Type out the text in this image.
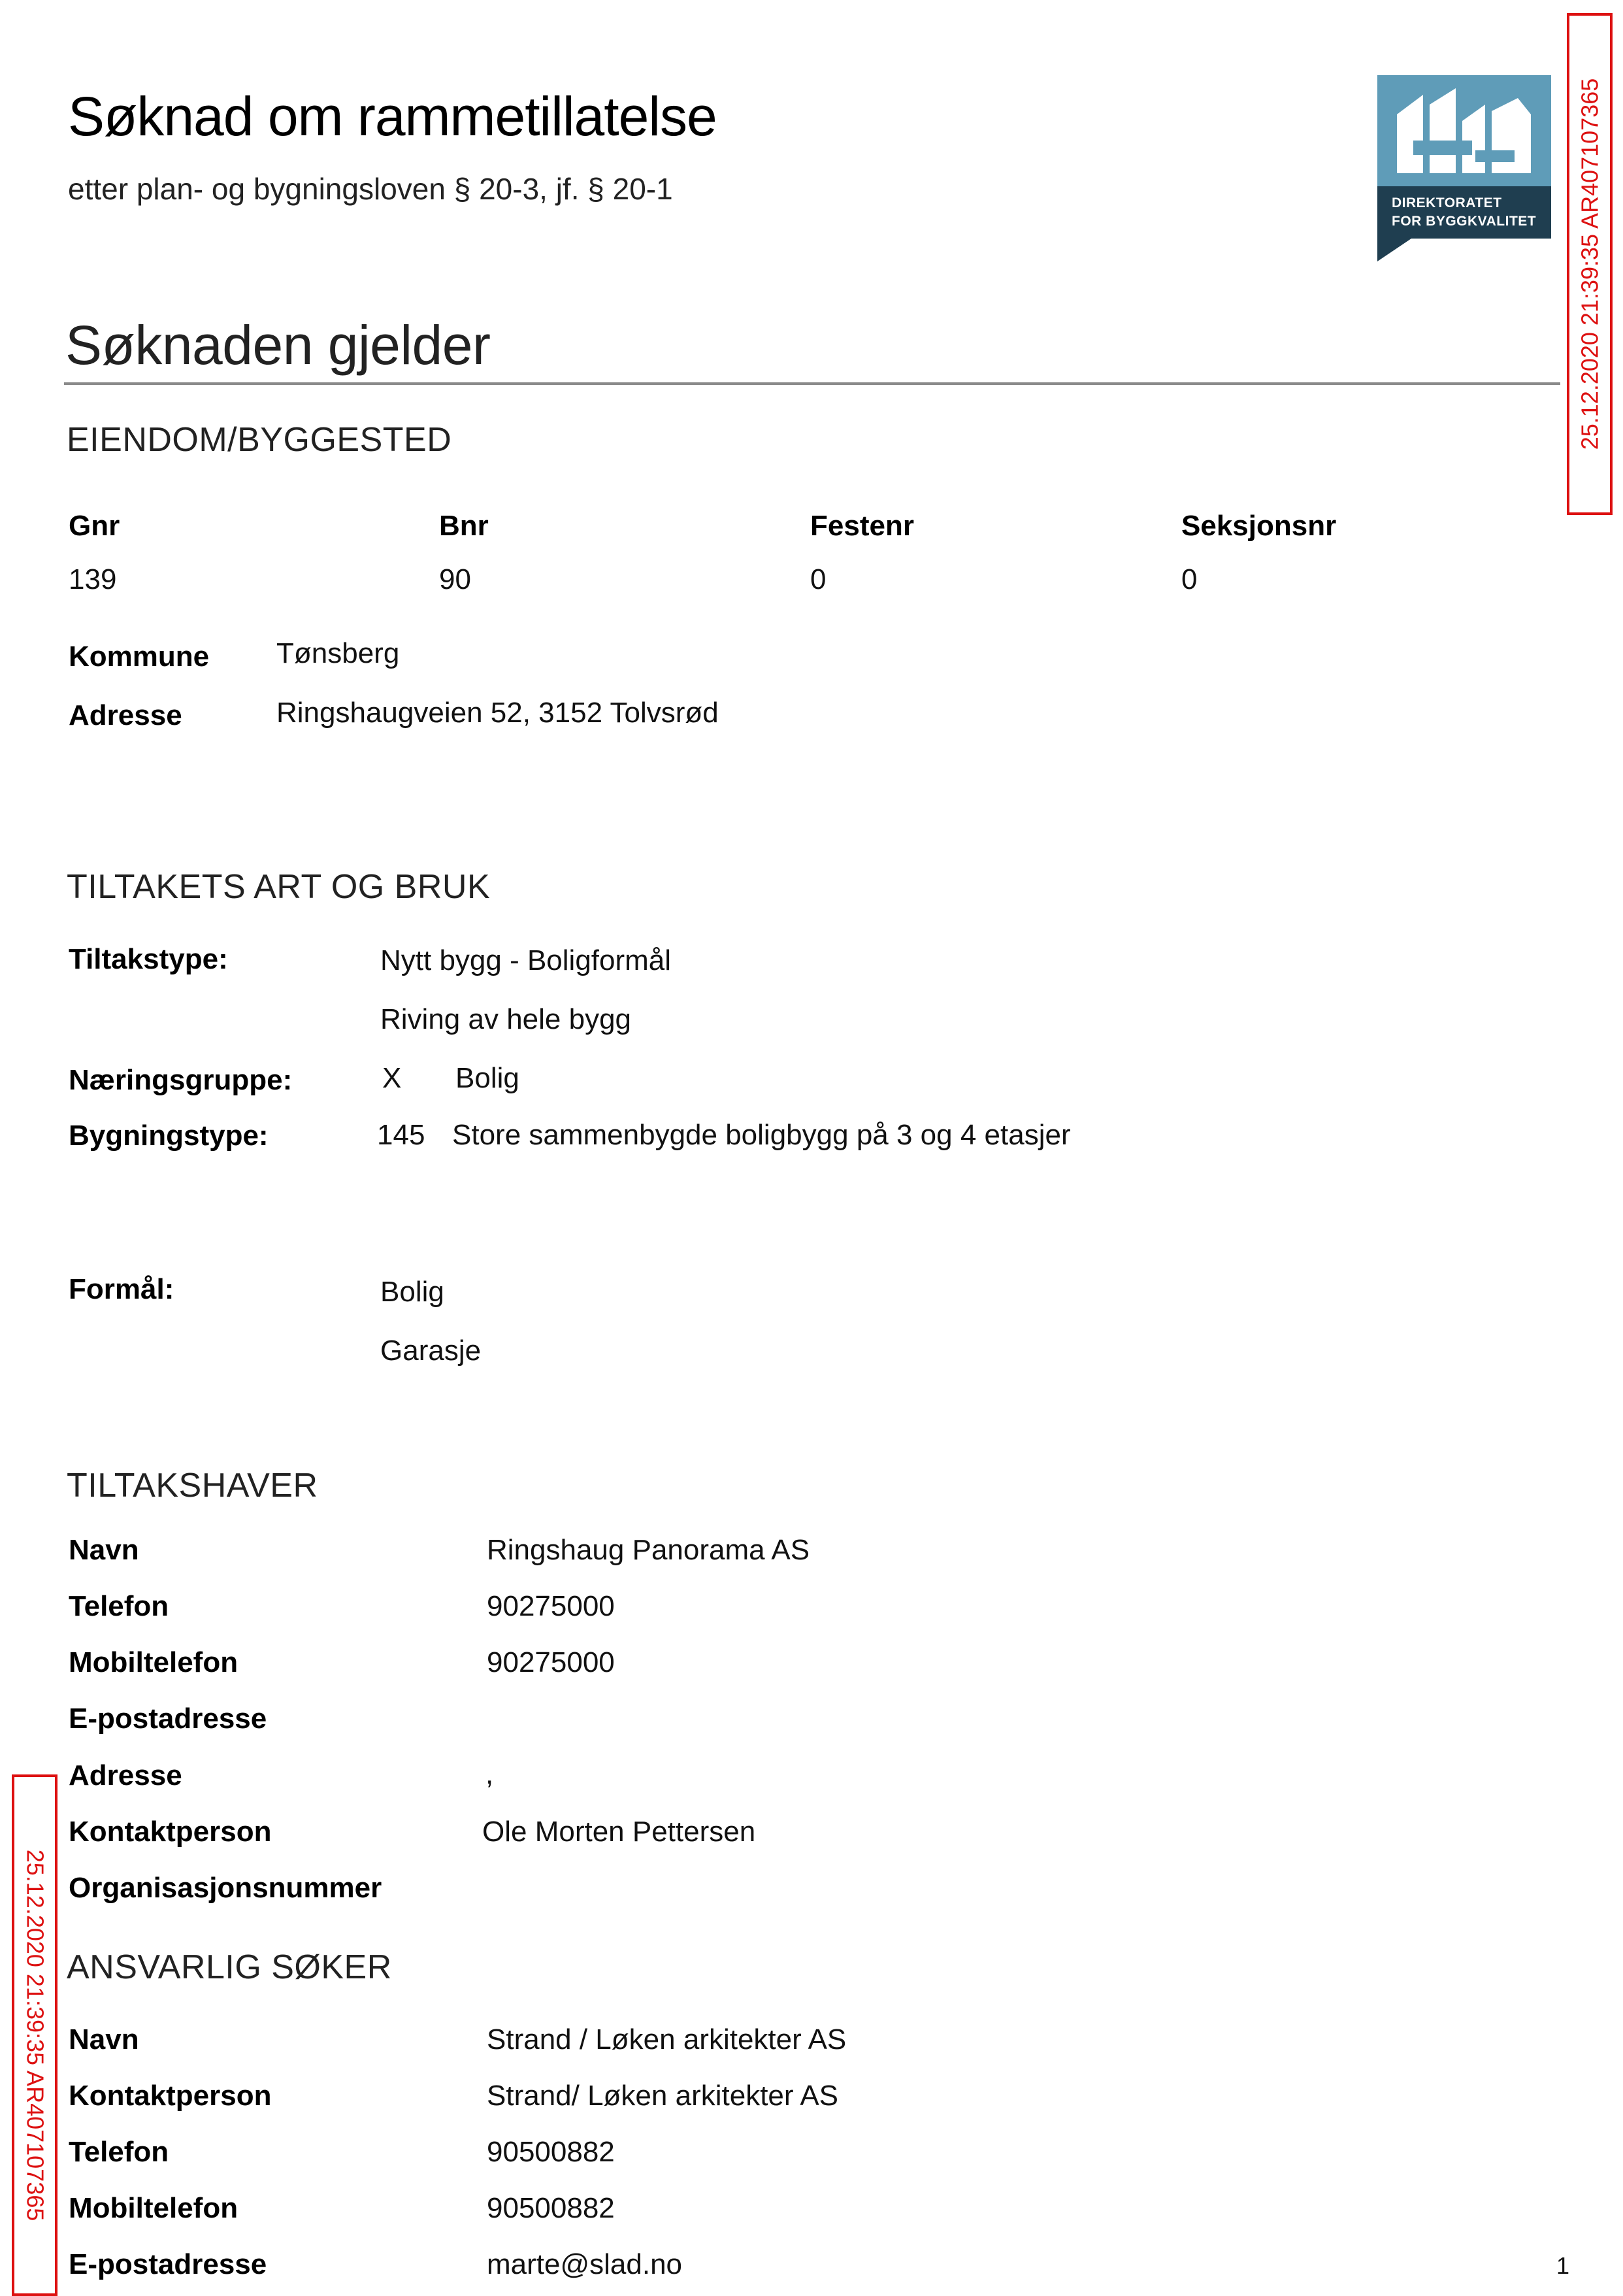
Søknad om rammetillatelse
etter plan- og bygningsloven § 20-3, jf. § 20-1	DIREKTORATET
FOR BYGGKVALITET 25.12.2020 21:39:35 AR407107365
25.12.2020 21:39:35 AR407107365
Søknaden gjelder
EIENDOM/BYGGESTED
Gnr	Bnr	Festenr	Seksjonsnr
139	90	0	0
Kommune Tønsberg
Adresse	Ringshaugveien 52, 3152 Tolvsrød
TILTAKETS ART OG BRUK
Tiltakstype:	Nytt bygg - Boligformål
Riving av hele bygg
Næringsgruppe:	X Bolig
Bygningstype:	145 Store sammenbygde boligbygg på 3 og 4 etasjer
Formål:	Bolig
Garasje
TILTAKSHAVER
Navn	Ringshaug Panorama AS
Telefon	90275000
Mobiltelefon	90275000
E-postadresse
Adresse	,
Kontaktperson	Ole Morten Pettersen
Organisasjonsnummer
ANSVARLIG SØKER
Navn	Strand / Løken arkitekter AS
Kontaktperson	Strand/ Løken arkitekter AS
Telefon	90500882
Mobiltelefon	90500882
E-postadresse	marte@slad.no	1
